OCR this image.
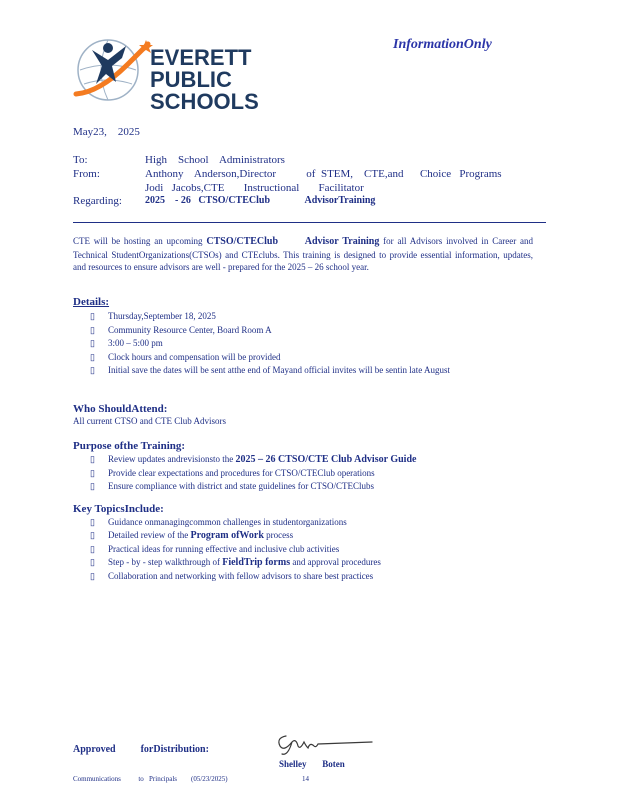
EVERETT
PUBLIC
SCHOOLS
InformationOnly
May23,    2025
To:	High    School    Administrators
From:	Anthony    Anderson,Director           of  STEM,    CTE,and      Choice   Programs
Jodi   Jacobs,CTE       Instructional       Facilitator
Regarding:	2025    - 26   CTSO/CTEClub              AdvisorTraining
CTE will be hosting an upcoming CTSO/CTEClub	Advisor Training for all Advisors involved in Career and Technical StudentOrganizations(CTSOs) and CTEclubs. This training is designed to provide essential information, updates, and resources to ensure advisors are well - prepared for the 2025 – 26 school year.
Details:
▯ Thursday,September 18, 2025
▯ Community Resource Center, Board Room A
▯ 3:00 – 5:00 pm
▯ Clock hours and compensation will be provided
▯ Initial save the dates will be sent atthe end of Mayand official invites will be sentin late August
Who ShouldAttend:
All current CTSO and CTE Club Advisors
Purpose ofthe Training:
▯ Review updates andrevisionsto the 2025 – 26 CTSO/CTE Club Advisor Guide
▯ Provide clear expectations and procedures for CTSO/CTEClub operations
▯ Ensure compliance with district and state guidelines for CTSO/CTEClubs
Key TopicsInclude:
▯ Guidance onmanagingcommon challenges in studentorganizations
▯ Detailed review of the Program ofWork process
▯ Practical ideas for running effective and inclusive club activities
▯ Step - by - step walkthrough of FieldTrip forms and approval procedures
▯ Collaboration and networking with fellow advisors to share best practices
Approved          forDistribution:
Shelley       Boten
Communications          to   Principals        (05/23/2025)	14
